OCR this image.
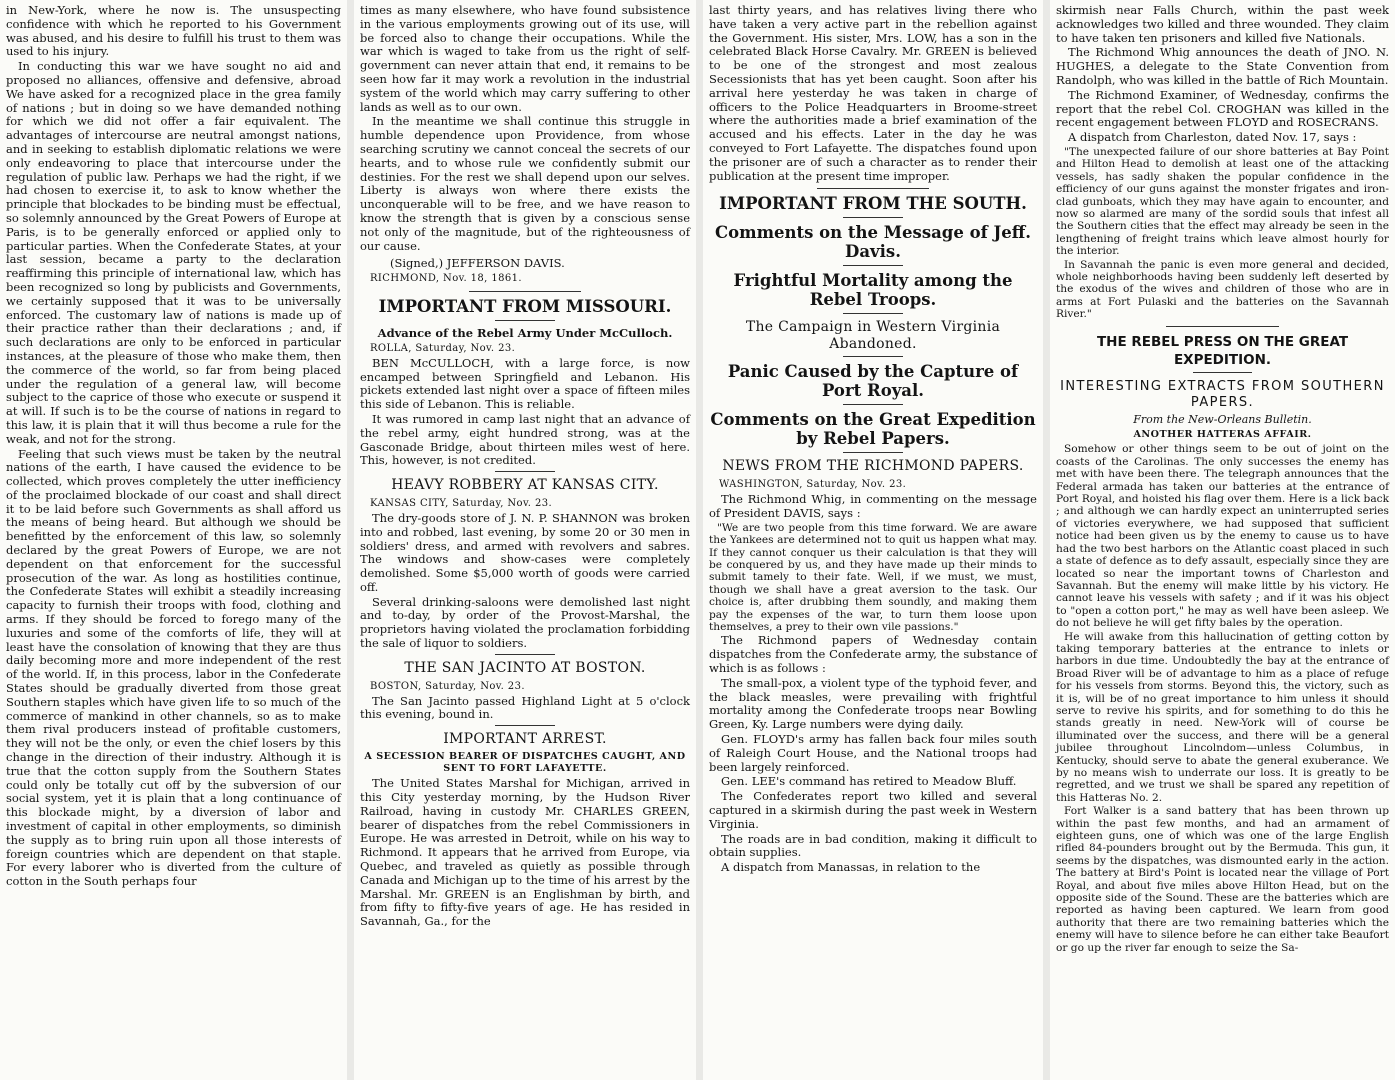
in New-York, where he now is. The unsuspecting confidence with which he reported to his Government was abused, and his desire to fulfill his trust to them was used to his injury.

In conducting this war we have sought no aid and proposed no alliances, offensive and defensive, abroad We have asked for a recognized place in the grea family of nations ; but in doing so we have demanded nothing for which we did not offer a fair equivalent. The advantages of intercourse are neutral amongst nations, and in seeking to establish diplomatic relations we were only endeavoring to place that intercourse under the regulation of public law. Perhaps we had the right, if we had chosen to exercise it, to ask to know whether the principle that blockades to be binding must be effectual, so solemnly announced by the Great Powers of Europe at Paris, is to be generally enforced or applied only to particular parties. When the Confederate States, at your last session, became a party to the declaration reaffirming this principle of international law, which has been recognized so long by publicists and Governments, we certainly supposed that it was to be universally enforced. The customary law of nations is made up of their practice rather than their declarations ; and, if such declarations are only to be enforced in particular instances, at the pleasure of those who make them, then the commerce of the world, so far from being placed under the regulation of a general law, will become subject to the caprice of those who execute or suspend it at will. If such is to be the course of nations in regard to this law, it is plain that it will thus become a rule for the weak, and not for the strong.

Feeling that such views must be taken by the neutral nations of the earth, I have caused the evidence to be collected, which proves completely the utter inefficiency of the proclaimed blockade of our coast and shall direct it to be laid before such Governments as shall afford us the means of being heard. But although we should be benefitted by the enforcement of this law, so solemnly declared by the great Powers of Europe, we are not dependent on that enforcement for the successful prosecution of the war. As long as hostilities continue, the Confederate States will exhibit a steadily increasing capacity to furnish their troops with food, clothing and arms. If they should be forced to forego many of the luxuries and some of the comforts of life, they will at least have the consolation of knowing that they are thus daily becoming more and more independent of the rest of the world. If, in this process, labor in the Confederate States should be gradually diverted from those great Southern staples which have given life to so much of the commerce of mankind in other channels, so as to make them rival producers instead of profitable customers, they will not be the only, or even the chief losers by this change in the direction of their industry. Although it is true that the cotton supply from the Southern States could only be totally cut off by the subversion of our social system, yet it is plain that a long continuance of this blockade might, by a diversion of labor and investment of capital in other employments, so diminish the supply as to bring ruin upon all those interests of foreign countries which are dependent on that staple. For every laborer who is diverted from the culture of cotton in the South perhaps four

times as many elsewhere, who have found subsistence in the various employments growing out of its use, will be forced also to change their occupations. While the war which is waged to take from us the right of self-government can never attain that end, it remains to be seen how far it may work a revolution in the industrial system of the world which may carry suffering to other lands as well as to our own.

In the meantime we shall continue this struggle in humble dependence upon Providence, from whose searching scrutiny we cannot conceal the secrets of our hearts, and to whose rule we confidently submit our destinies. For the rest we shall depend upon our selves. Liberty is always won where there exists the unconquerable will to be free, and we have reason to know the strength that is given by a conscious sense not only of the magnitude, but of the righteousness of our cause.

(Signed,) JEFFERSON DAVIS.

RICHMOND, Nov. 18, 1861.

IMPORTANT FROM MISSOURI.
Advance of the Rebel Army Under McCulloch.

ROLLA, Saturday, Nov. 23.

BEN McCULLOCH, with a large force, is now encamped between Springfield and Lebanon. His pickets extended last night over a space of fifteen miles this side of Lebanon. This is reliable.

It was rumored in camp last night that an advance of the rebel army, eight hundred strong, was at the Gasconade Bridge, about thirteen miles west of here. This, however, is not credited.

HEAVY ROBBERY AT KANSAS CITY.

KANSAS CITY, Saturday, Nov. 23.

The dry-goods store of J. N. P. SHANNON was broken into and robbed, last evening, by some 20 or 30 men in soldiers' dress, and armed with revolvers and sabres. The windows and show-cases were completely demolished. Some $5,000 worth of goods were carried off.

Several drinking-saloons were demolished last night and to-day, by order of the Provost-Marshal, the proprietors having violated the proclamation forbidding the sale of liquor to soldiers.

THE SAN JACINTO AT BOSTON.

BOSTON, Saturday, Nov. 23.

The San Jacinto passed Highland Light at 5 o'clock this evening, bound in.

IMPORTANT ARREST.
A SECESSION BEARER OF DISPATCHES CAUGHT, AND SENT TO FORT LAFAYETTE.

The United States Marshal for Michigan, arrived in this City yesterday morning, by the Hudson River Railroad, having in custody Mr. CHARLES GREEN, bearer of dispatches from the rebel Commissioners in Europe. He was arrested in Detroit, while on his way to Richmond. It appears that he arrived from Europe, via Quebec, and traveled as quietly as possible through Canada and Michigan up to the time of his arrest by the Marshal. Mr. GREEN is an Englishman by birth, and from fifty to fifty-five years of age. He has resided in Savannah, Ga., for the

last thirty years, and has relatives living there who have taken a very active part in the rebellion against the Government. His sister, Mrs. LOW, has a son in the celebrated Black Horse Cavalry. Mr. GREEN is believed to be one of the strongest and most zealous Secessionists that has yet been caught. Soon after his arrival here yesterday he was taken in charge of officers to the Police Headquarters in Broome-street where the authorities made a brief examination of the accused and his effects. Later in the day he was conveyed to Fort Lafayette. The dispatches found upon the prisoner are of such a character as to render their publication at the present time improper.

IMPORTANT FROM THE SOUTH.
Comments on the Message of Jeff. Davis.
Frightful Mortality among the Rebel Troops.
The Campaign in Western Virginia Abandoned.
Panic Caused by the Capture of Port Royal.
Comments on the Great Expedition by Rebel Papers.
NEWS FROM THE RICHMOND PAPERS.

WASHINGTON, Saturday, Nov. 23.

The Richmond Whig, in commenting on the message of President DAVIS, says :

"We are two people from this time forward. We are aware the Yankees are determined not to quit us happen what may. If they cannot conquer us their calculation is that they will be conquered by us, and they have made up their minds to submit tamely to their fate. Well, if we must, we must, though we shall have a great aversion to the task. Our choice is, after drubbing them soundly, and making them pay the expenses of the war, to turn them loose upon themselves, a prey to their own vile passions."

The Richmond papers of Wednesday contain dispatches from the Confederate army, the substance of which is as follows :

The small-pox, a violent type of the typhoid fever, and the black measles, were prevailing with frightful mortality among the Confederate troops near Bowling Green, Ky. Large numbers were dying daily.

Gen. FLOYD's army has fallen back four miles south of Raleigh Court House, and the National troops had been largely reinforced.

Gen. LEE's command has retired to Meadow Bluff.

The Confederates report two killed and several captured in a skirmish during the past week in Western Virginia.

The roads are in bad condition, making it difficult to obtain supplies.

A dispatch from Manassas, in relation to the

skirmish near Falls Church, within the past week acknowledges two killed and three wounded. They claim to have taken ten prisoners and killed five Nationals.

The Richmond Whig announces the death of JNO. N. HUGHES, a delegate to the State Convention from Randolph, who was killed in the battle of Rich Mountain.

The Richmond Examiner, of Wednesday, confirms the report that the rebel Col. CROGHAN was killed in the recent engagement between FLOYD and ROSECRANS.

A dispatch from Charleston, dated Nov. 17, says :

"The unexpected failure of our shore batteries at Bay Point and Hilton Head to demolish at least one of the attacking vessels, has sadly shaken the popular confidence in the efficiency of our guns against the monster frigates and iron-clad gunboats, which they may have again to encounter, and now so alarmed are many of the sordid souls that infest all the Southern cities that the effect may already be seen in the lengthening of freight trains which leave almost hourly for the interior.

In Savannah the panic is even more general and decided, whole neighborhoods having been suddenly left deserted by the exodus of the wives and children of those who are in arms at Fort Pulaski and the batteries on the Savannah River."

THE REBEL PRESS ON THE GREAT EXPEDITION.
INTERESTING EXTRACTS FROM SOUTHERN PAPERS.
From the New-Orleans Bulletin.
ANOTHER HATTERAS AFFAIR.

Somehow or other things seem to be out of joint on the coasts of the Carolinas. The only successes the enemy has met with have been there. The telegraph announces that the Federal armada has taken our batteries at the entrance of Port Royal, and hoisted his flag over them. Here is a lick back ; and although we can hardly expect an uninterrupted series of victories everywhere, we had supposed that sufficient notice had been given us by the enemy to cause us to have had the two best harbors on the Atlantic coast placed in such a state of defence as to defy assault, especially since they are located so near the important towns of Charleston and Savannah. But the enemy will make little by his victory. He cannot leave his vessels with safety ; and if it was his object to "open a cotton port," he may as well have been asleep. We do not believe he will get fifty bales by the operation.

He will awake from this hallucination of getting cotton by taking temporary batteries at the entrance to inlets or harbors in due time. Undoubtedly the bay at the entrance of Broad River will be of advantage to him as a place of refuge for his vessels from storms. Beyond this, the victory, such as it is, will be of no great importance to him unless it should serve to revive his spirits, and for something to do this he stands greatly in need. New-York will of course be illuminated over the success, and there will be a general jubilee throughout Lincolndom—unless Columbus, in Kentucky, should serve to abate the general exuberance. We by no means wish to underrate our loss. It is greatly to be regretted, and we trust we shall be spared any repetition of this Hatteras No. 2.

Fort Walker is a sand battery that has been thrown up within the past few months, and had an armament of eighteen guns, one of which was one of the large English rifled 84-pounders brought out by the Bermuda. This gun, it seems by the dispatches, was dismounted early in the action. The battery at Bird's Point is located near the village of Port Royal, and about five miles above Hilton Head, but on the opposite side of the Sound. These are the batteries which are reported as having been captured. We learn from good authority that there are two remaining batteries which the enemy will have to silence before he can either take Beaufort or go up the river far enough to seize the Sa-
